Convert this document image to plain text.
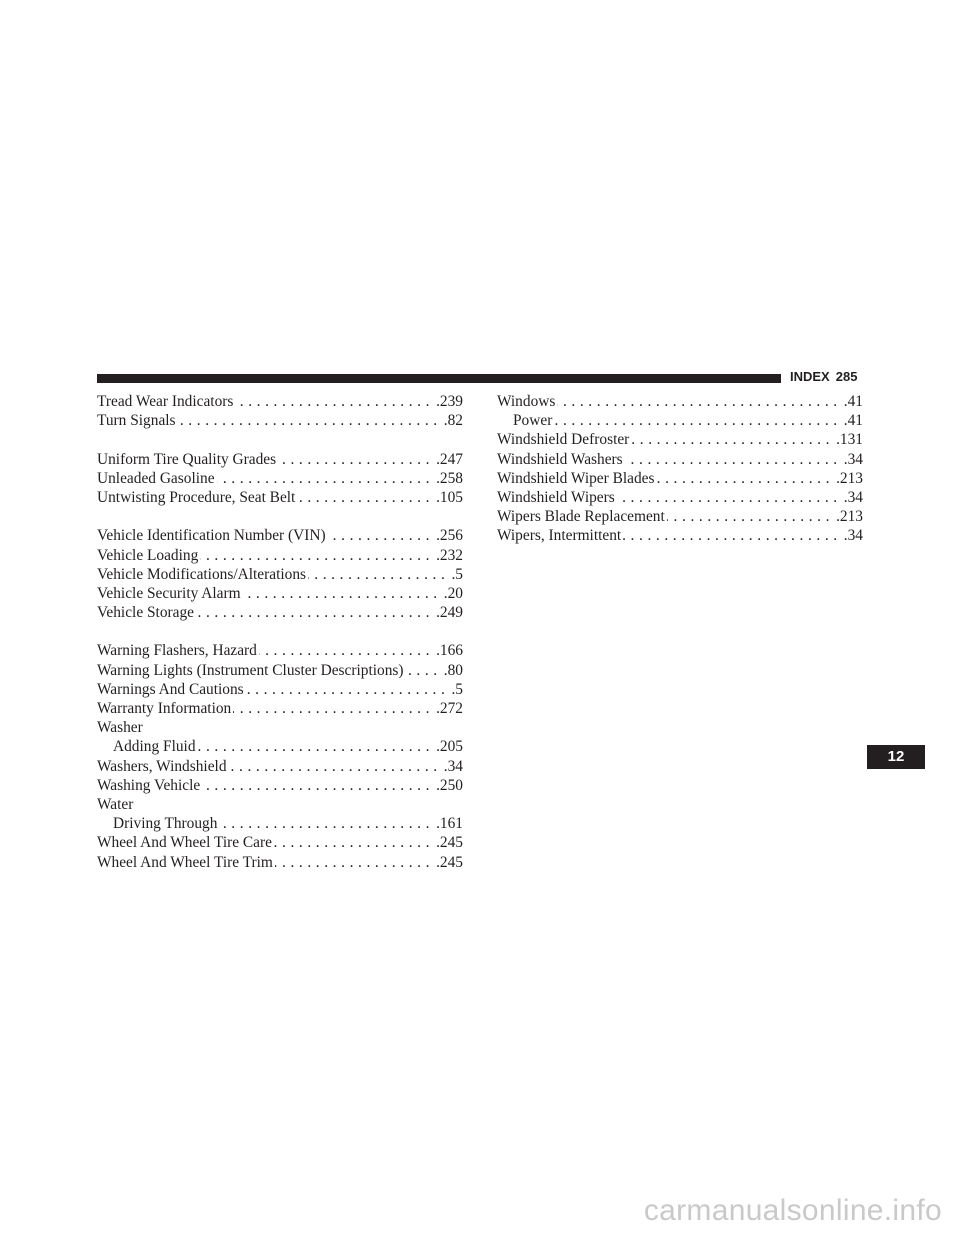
INDEX 285
Tread Wear Indicators .....	.239
Turn Signals .....	.82
Uniform Tire Quality Grades .....	.247
Unleaded Gasoline .....	.258
Untwisting Procedure, Seat Belt .....	.105
Vehicle Identification Number (VIN) .....	.256
Vehicle Loading .....	.232
Vehicle Modifications/Alterations .....	.5
Vehicle Security Alarm .....	.20
Vehicle Storage .....	.249
Warning Flashers, Hazard .....	.166
Warning Lights (Instrument Cluster Descriptions) .....	.80
Warnings And Cautions .....	.5
Warranty Information .....	.272
Washer
Adding Fluid .....	.205
Washers, Windshield .....	.34
Washing Vehicle .....	.250
Water
Driving Through .....	.161
Wheel And Wheel Tire Care .....	.245
Wheel And Wheel Tire Trim .....	.245
Windows .....	.41
Power .....	.41
Windshield Defroster .....	.131
Windshield Washers .....	.34
Windshield Wiper Blades .....	.213
Windshield Wipers .....	.34
Wipers Blade Replacement .....	.213
Wipers, Intermittent .....	.34
12
carmanualsonline.info
